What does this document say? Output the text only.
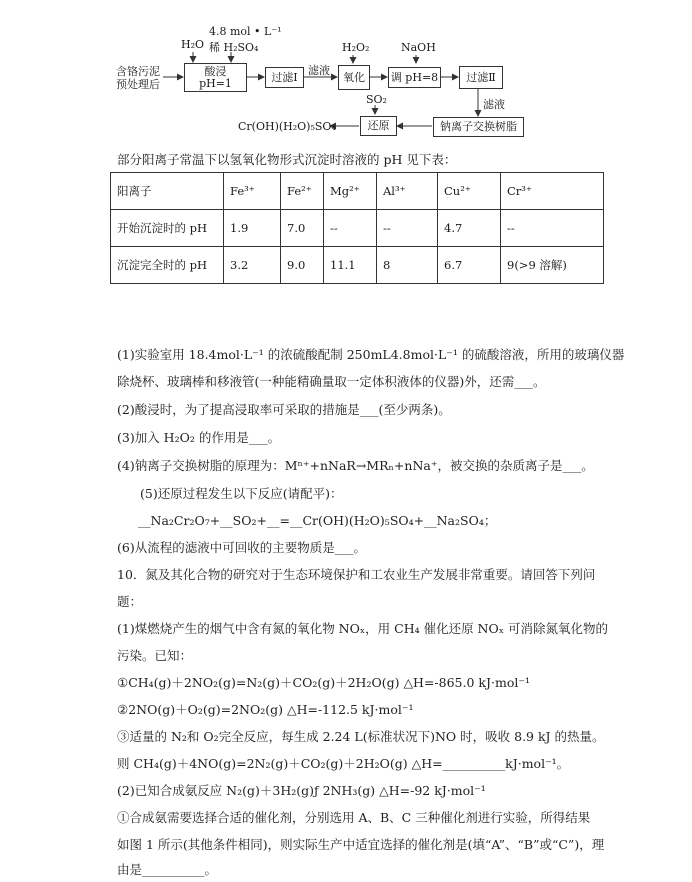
含铬污泥
预处理后
H₂O
4.8 mol • L⁻¹
稀 H₂SO₄
酸浸
pH=1	过滤Ⅰ 滤液
H₂O₂
氧化
NaOH
调 pH=8	过滤Ⅱ
滤液
钠离子交换树脂
SO₂
还原
Cr(OH)(H₂O)₅SO₄
部分阳离子常温下以氢氧化物形式沉淀时溶液的 pH 见下表：
阳离子	Fe³⁺	Fe²⁺	Mg²⁺	Al³⁺	Cu²⁺	Cr³⁺
开始沉淀时的 pH	1.9	7.0	--	--	4.7	--
沉淀完全时的 pH	3.2	9.0	11.1	8	6.7	9(>9 溶解)
(1)实验室用 18.4mol·L⁻¹ 的浓硫酸配制 250mL4.8mol·L⁻¹ 的硫酸溶液，所用的玻璃仪器
除烧杯、玻璃棒和移液管(一种能精确量取一定体积液体的仪器)外，还需___。
(2)酸浸时，为了提高浸取率可采取的措施是___(至少两条)。
(3)加入 H₂O₂ 的作用是___。
(4)钠离子交换树脂的原理为：Mⁿ⁺+nNaR→MRₙ+nNa⁺，被交换的杂质离子是___。
(5)还原过程发生以下反应(请配平)：
__Na₂Cr₂O₇+__SO₂+__=__Cr(OH)(H₂O)₅SO₄+__Na₂SO₄；
(6)从流程的滤液中可回收的主要物质是___。
10．氮及其化合物的研究对于生态环境保护和工农业生产发展非常重要。请回答下列问
题：
(1)煤燃烧产生的烟气中含有氮的氧化物 NOₓ，用 CH₄ 催化还原 NOₓ 可消除氮氧化物的
污染。已知：
①CH₄(g)＋2NO₂(g)=N₂(g)＋CO₂(g)＋2H₂O(g) △H=-865.0 kJ·mol⁻¹
②2NO(g)＋O₂(g)=2NO₂(g) △H=-112.5 kJ·mol⁻¹
③适量的 N₂和 O₂完全反应，每生成 2.24 L(标准状况下)NO 时，吸收 8.9 kJ 的热量。
则 CH₄(g)＋4NO(g)=2N₂(g)＋CO₂(g)＋2H₂O(g) △H=__________kJ·mol⁻¹。
(2)已知合成氨反应 N₂(g)＋3H₂(g)ƒ 2NH₃(g) △H=-92 kJ·mol⁻¹
①合成氨需要选择合适的催化剂，分别选用 A、B、C 三种催化剂进行实验，所得结果
如图 1 所示(其他条件相同)，则实际生产中适宜选择的催化剂是(填“A”、“B”或“C”)，理
由是__________。
